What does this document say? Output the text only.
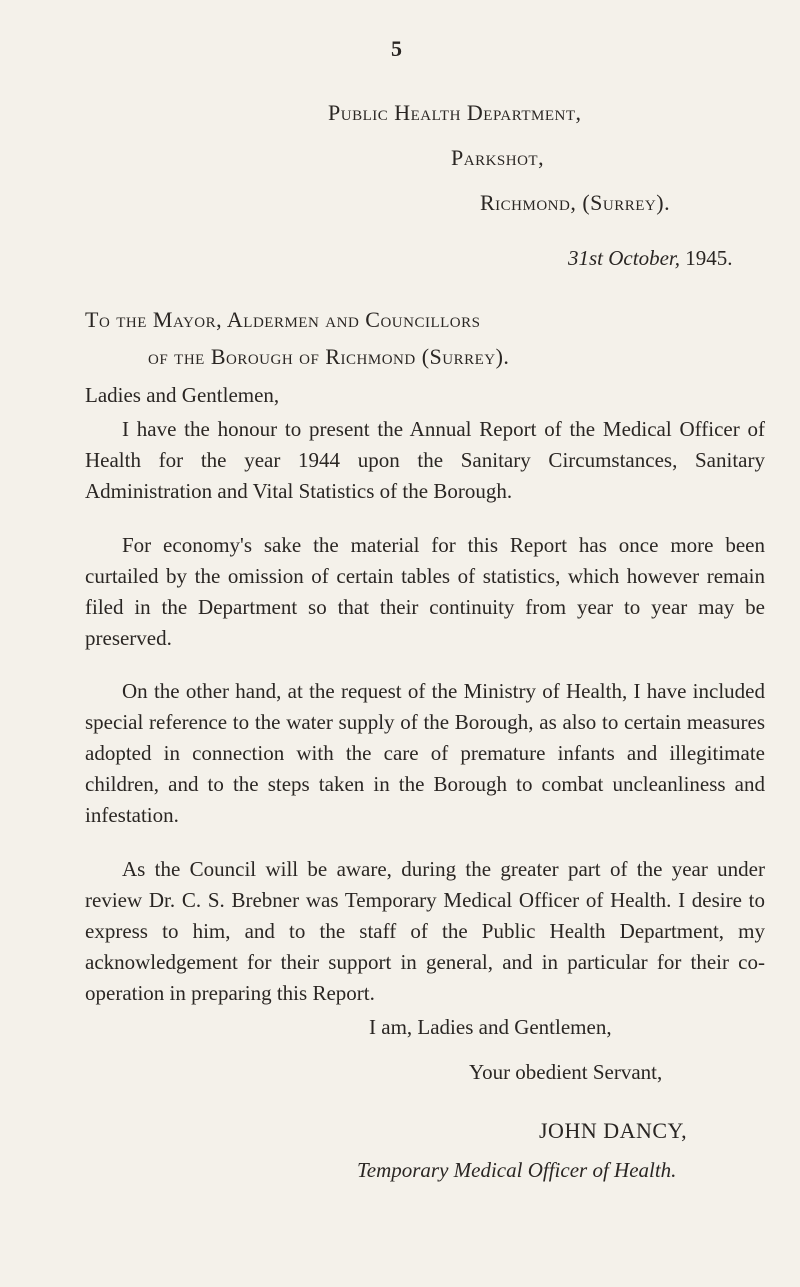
5
Public Health Department,
Parkshot,
Richmond, (Surrey).
31st October, 1945.
To the Mayor, Aldermen and Councillors
of the Borough of Richmond (Surrey).
Ladies and Gentlemen,

I have the honour to present the Annual Report of the Medical Officer of Health for the year 1944 upon the Sanitary Circumstances, Sanitary Administration and Vital Statistics of the Borough.

For economy's sake the material for this Report has once more been curtailed by the omission of certain tables of statistics, which however remain filed in the Department so that their continuity from year to year may be preserved.

On the other hand, at the request of the Ministry of Health, I have included special reference to the water supply of the Borough, as also to certain measures adopted in connection with the care of premature infants and illegitimate children, and to the steps taken in the Borough to combat uncleanliness and infestation.

As the Council will be aware, during the greater part of the year under review Dr. C. S. Brebner was Temporary Medical Officer of Health. I desire to express to him, and to the staff of the Public Health Department, my acknowledgement for their support in general, and in particular for their co-operation in preparing this Report.

I am, Ladies and Gentlemen,
Your obedient Servant,
JOHN DANCY,
Temporary Medical Officer of Health.
